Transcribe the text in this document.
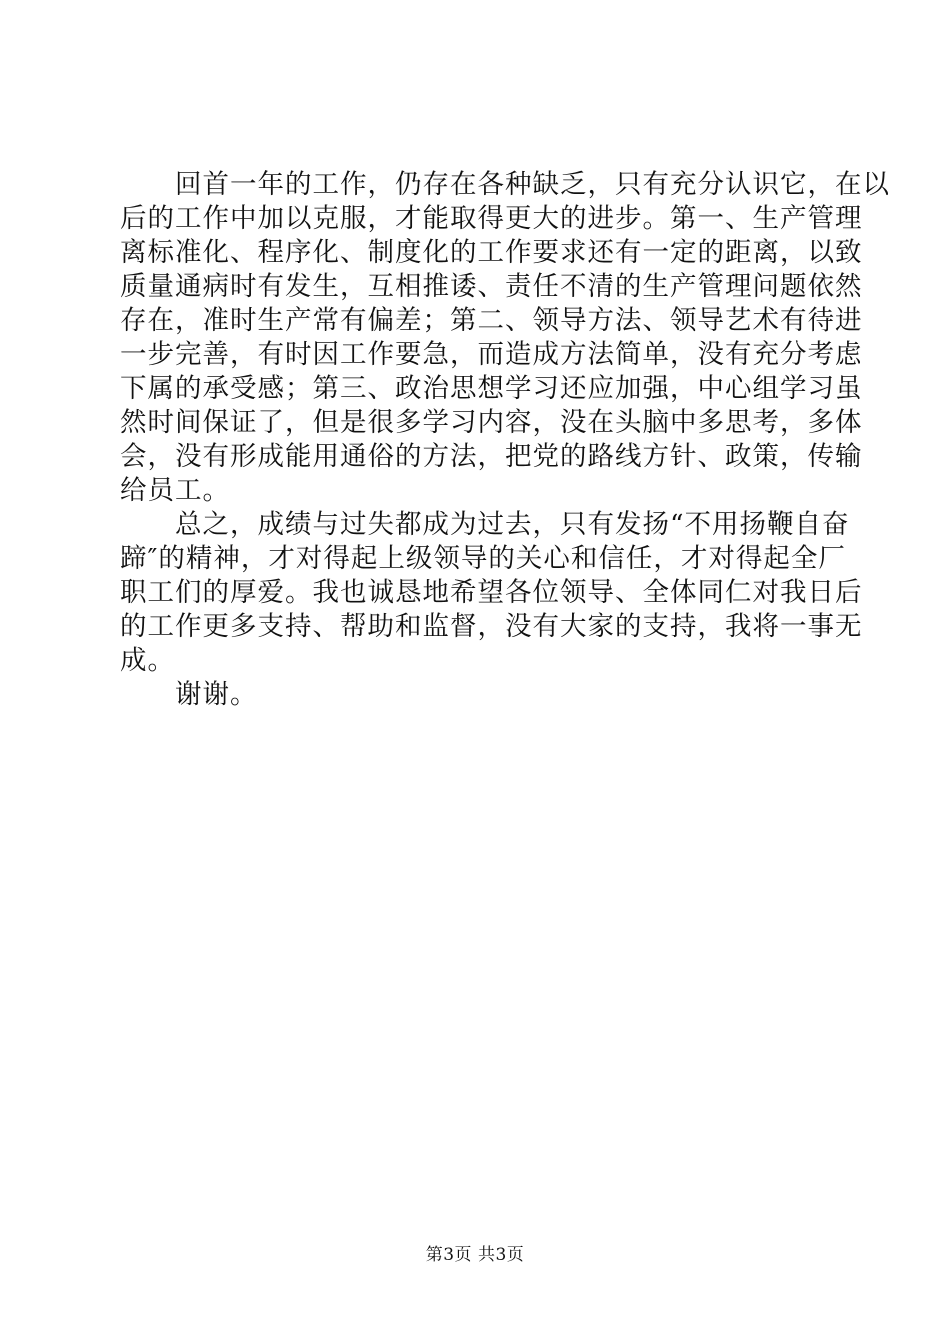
　　回首一年的工作，仍存在各种缺乏，只有充分认识它，在以
后的工作中加以克服，才能取得更大的进步。第一、生产管理
离标准化、程序化、制度化的工作要求还有一定的距离，以致
质量通病时有发生，互相推诿、责任不清的生产管理问题依然
存在，准时生产常有偏差；第二、领导方法、领导艺术有待进
一步完善，有时因工作要急，而造成方法简单，没有充分考虑
下属的承受感；第三、政治思想学习还应加强，中心组学习虽
然时间保证了，但是很多学习内容，没在头脑中多思考，多体
会，没有形成能用通俗的方法，把党的路线方针、政策，传输
给员工。
　　总之，成绩与过失都成为过去，只有发扬“不用扬鞭自奋
蹄″的精神，才对得起上级领导的关心和信任，才对得起全厂
职工们的厚爱。我也诚恳地希望各位领导、全体同仁对我日后
的工作更多支持、帮助和监督，没有大家的支持，我将一事无
成。
　　谢谢。
第3页 共3页
